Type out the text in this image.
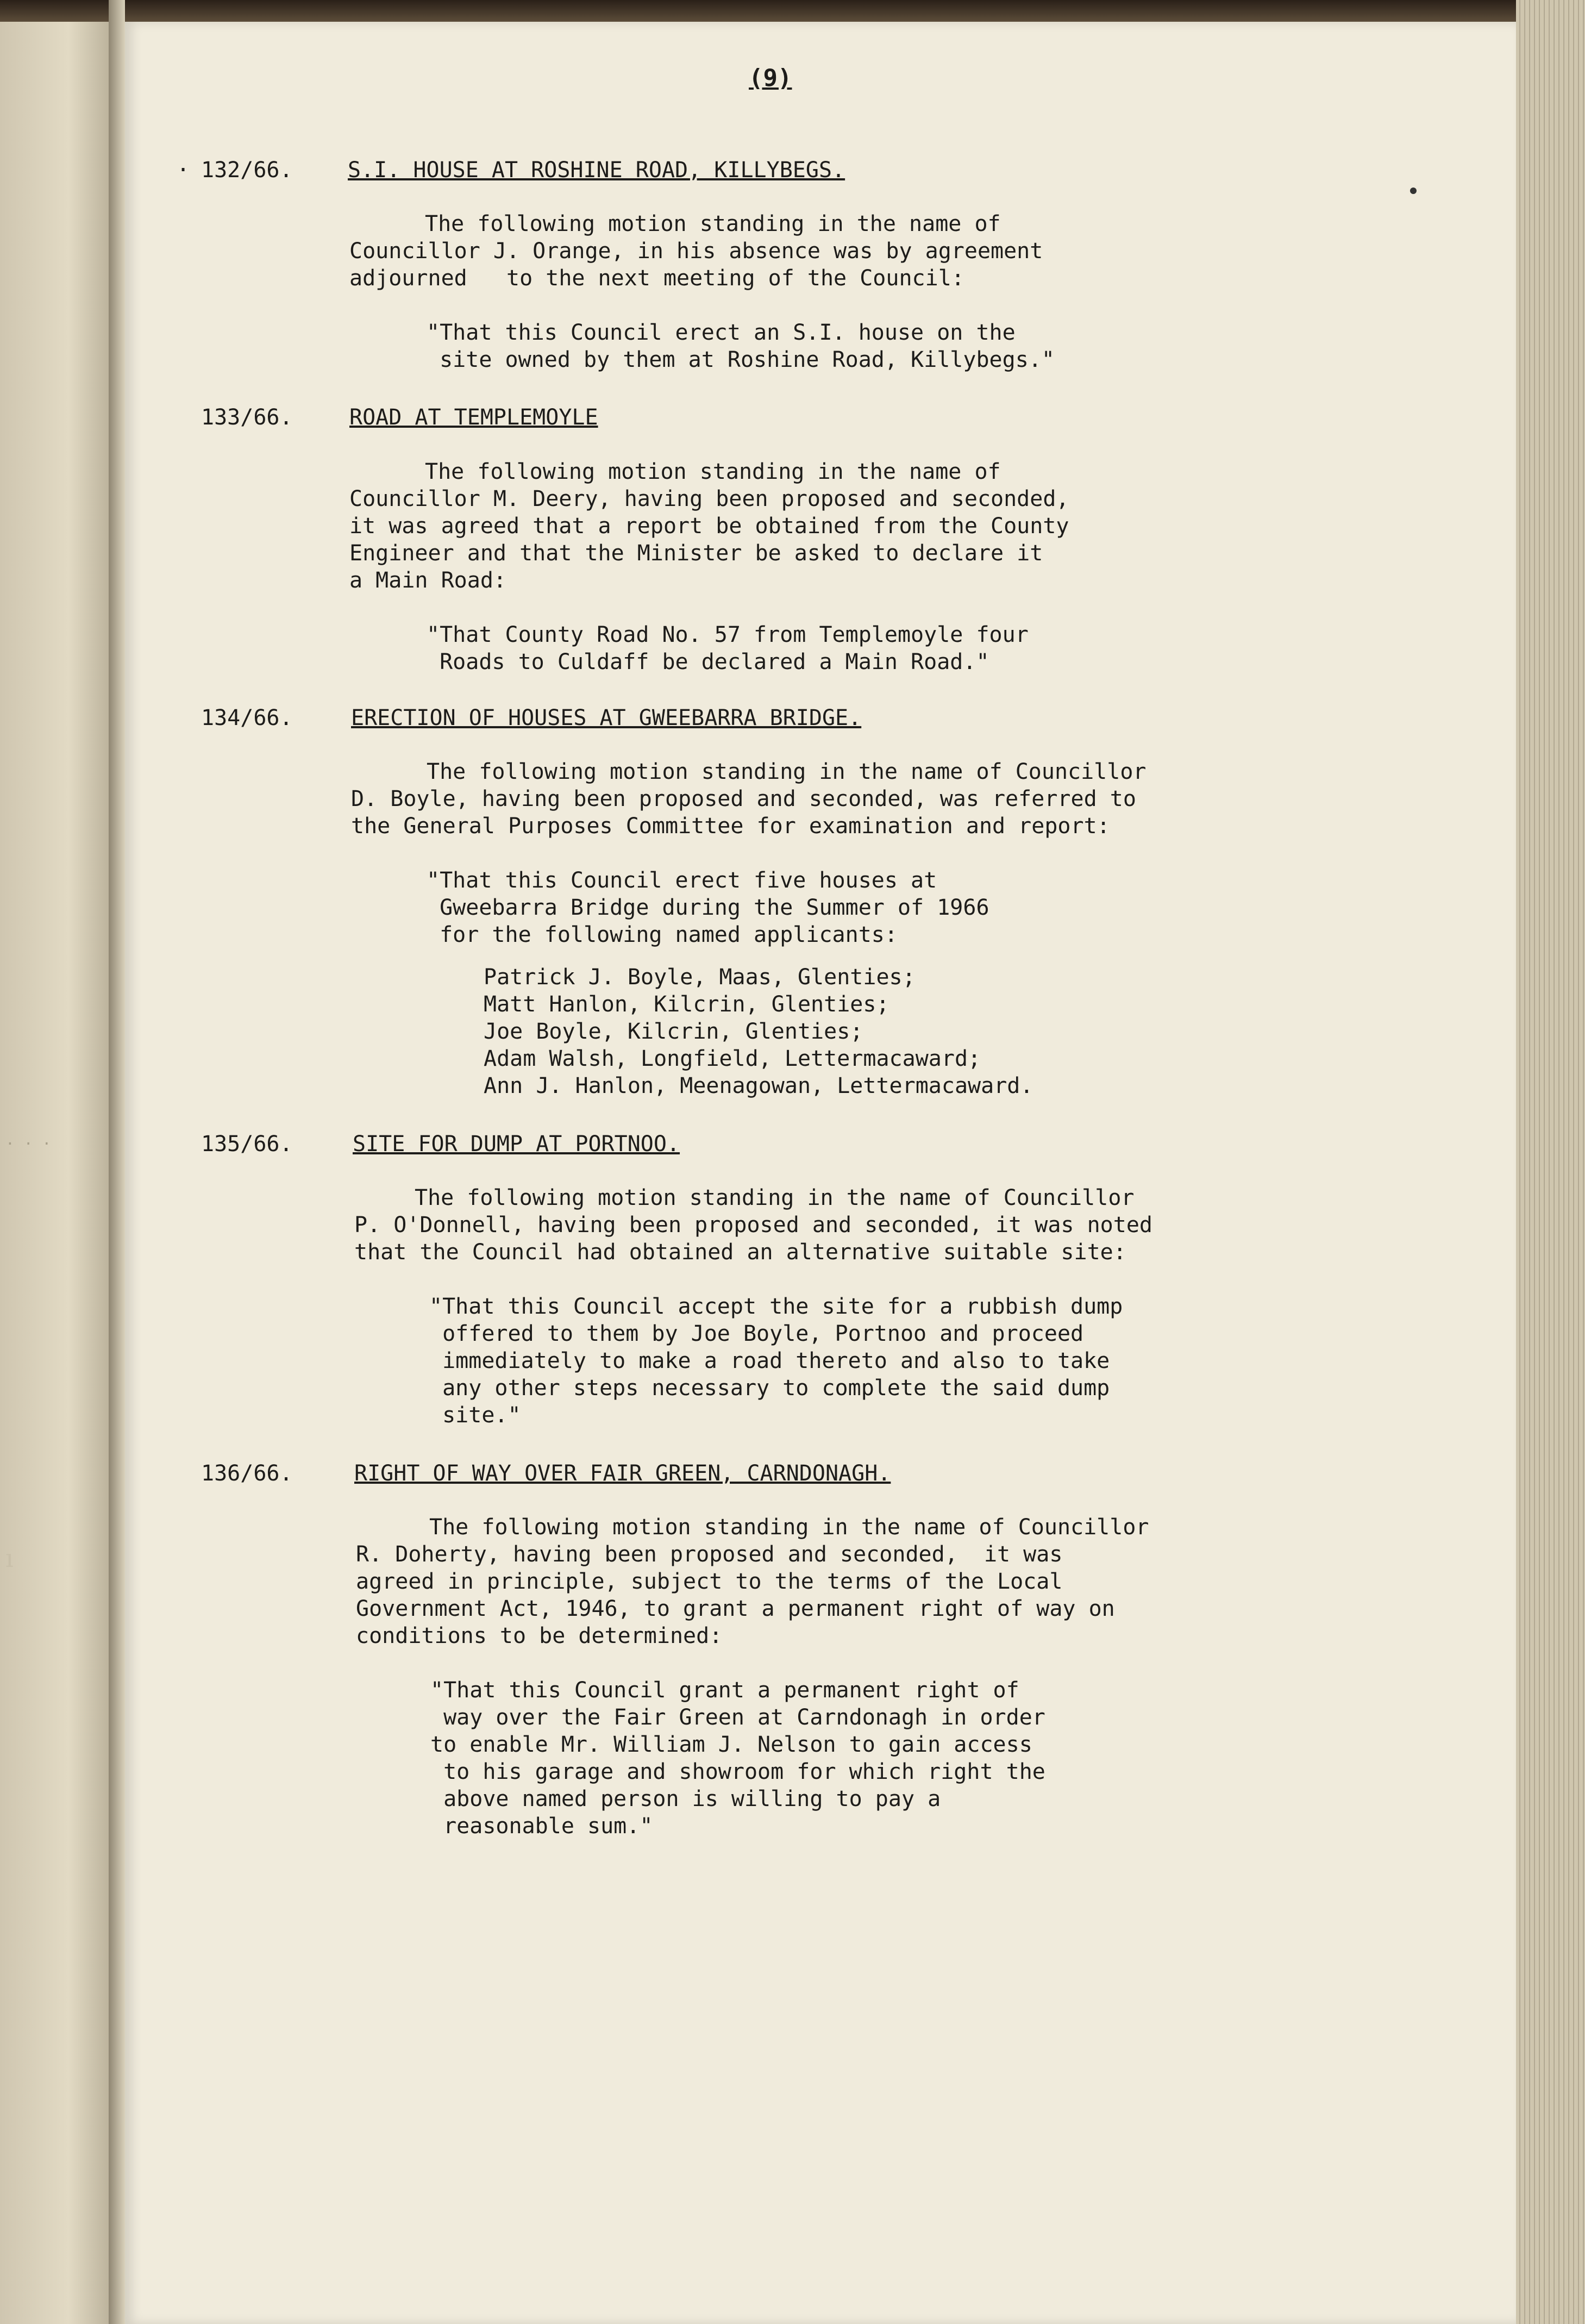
. . .
ı
(9)
· 132/66.	S.I. HOUSE AT ROSHINE ROAD, KILLYBEGS.
The following motion standing in the name of
Councillor J. Orange, in his absence was by agreement
adjourned   to the next meeting of the Council:
"That this Council erect an S.I. house on the
site owned by them at Roshine Road, Killybegs."
133/66.	ROAD AT TEMPLEMOYLE
The following motion standing in the name of
Councillor M. Deery, having been proposed and seconded,
it was agreed that a report be obtained from the County
Engineer and that the Minister be asked to declare it
a Main Road:
"That County Road No. 57 from Templemoyle four
Roads to Culdaff be declared a Main Road."
134/66.	ERECTION OF HOUSES AT GWEEBARRA BRIDGE.
The following motion standing in the name of Councillor
D. Boyle, having been proposed and seconded, was referred to
the General Purposes Committee for examination and report:
"That this Council erect five houses at
Gweebarra Bridge during the Summer of 1966
for the following named applicants:
Patrick J. Boyle, Maas, Glenties;
Matt Hanlon, Kilcrin, Glenties;
Joe Boyle, Kilcrin, Glenties;
Adam Walsh, Longfield, Lettermacaward;
Ann J. Hanlon, Meenagowan, Lettermacaward.
135/66.	SITE FOR DUMP AT PORTNOO.
The following motion standing in the name of Councillor
P. O'Donnell, having been proposed and seconded, it was noted
that the Council had obtained an alternative suitable site:
"That this Council accept the site for a rubbish dump
offered to them by Joe Boyle, Portnoo and proceed
immediately to make a road thereto and also to take
any other steps necessary to complete the said dump
site."
136/66.	RIGHT OF WAY OVER FAIR GREEN, CARNDONAGH.
The following motion standing in the name of Councillor
R. Doherty, having been proposed and seconded,  it was
agreed in principle, subject to the terms of the Local
Government Act, 1946, to grant a permanent right of way on
conditions to be determined:
"That this Council grant a permanent right of
way over the Fair Green at Carndonagh in order
to enable Mr. William J. Nelson to gain access
to his garage and showroom for which right the
above named person is willing to pay a
reasonable sum."
